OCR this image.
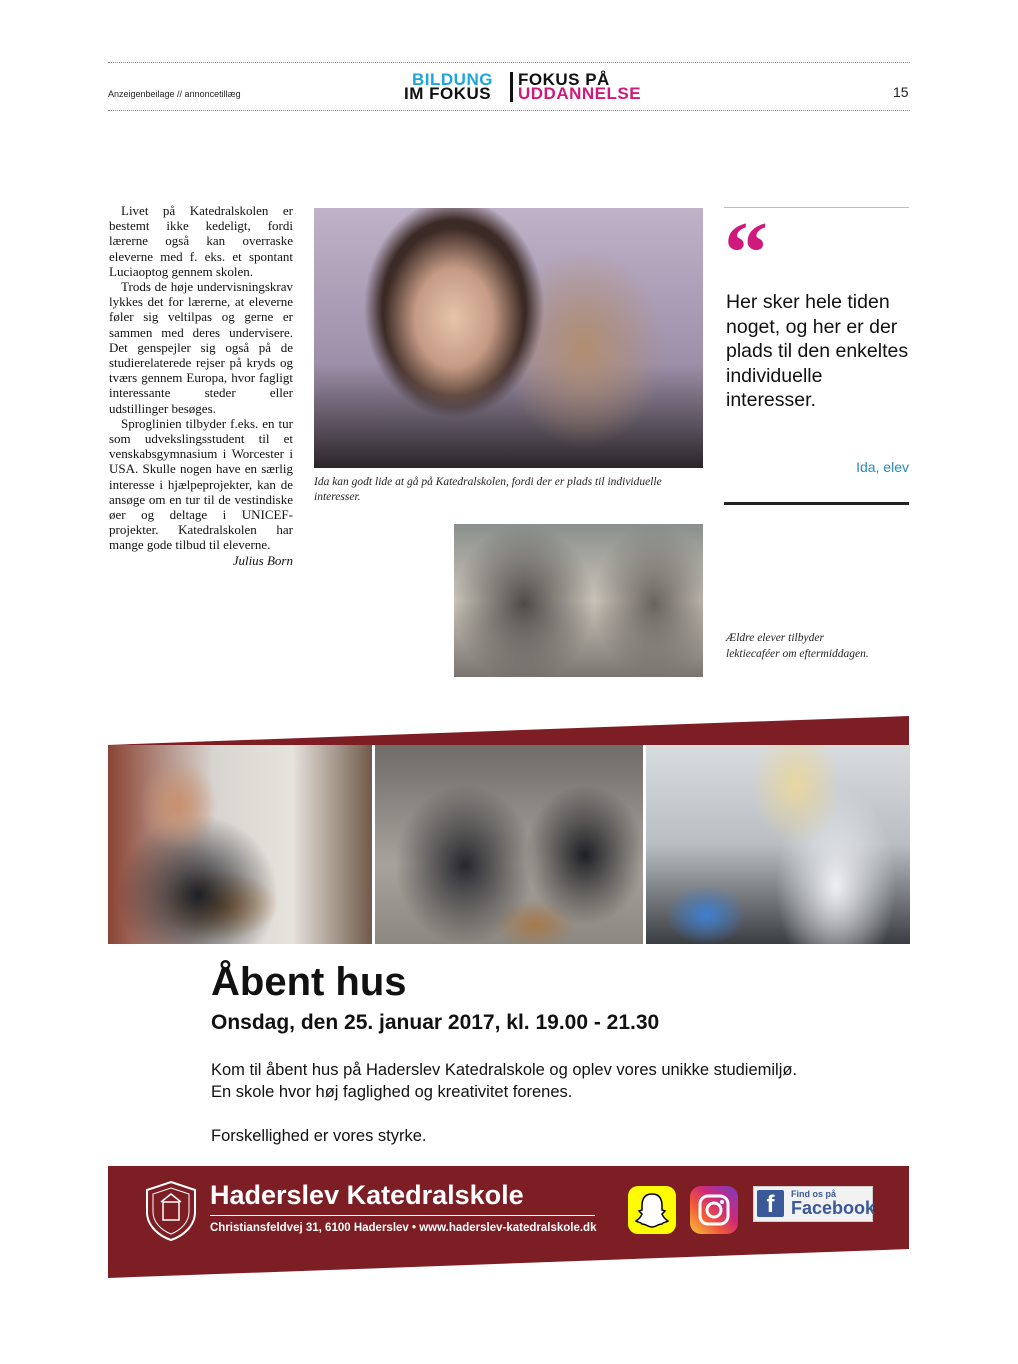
Anzeigenbeilage // annoncetillæg	15
BILDUNG
IM FOKUS
FOKUS PÅ
UDDANNELSE

Livet på Katedralskolen er bestemt ikke kedeligt, fordi lærerne også kan overraske eleverne med f. eks. et spontant Luciaoptog gennem skolen.

Trods de høje undervisningskrav lykkes det for lærerne, at eleverne føler sig veltilpas og gerne er sammen med deres undervisere. Det genspejler sig også på de studierelaterede rejser på kryds og tværs gennem Europa, hvor fagligt interessante steder eller udstillinger besøges.

Sproglinien tilbyder f.eks. en tur som udvekslingsstudent til et venskabsgymnasium i Worcester i USA. Skulle nogen have en særlig interesse i hjælpeprojekter, kan de ansøge om en tur til de vestindiske øer og deltage i UNICEF-projekter. Katedralskolen har mange gode tilbud til eleverne.
Julius Born

Ida kan godt lide at gå på Katedralskolen, fordi der er plads til individuelle interesser.
“
Her sker hele tiden noget, og her er der plads til den enkeltes individuelle interesser.
Ida, elev
Ældre elever tilbyder lektiecaféer om eftermiddagen.
Åbent hus
Onsdag, den 25. januar 2017, kl. 19.00 - 21.30

Kom til åbent hus på Haderslev Katedralskole og oplev vores unikke studiemiljø.

En skole hvor høj faglighed og kreativitet forenes.

Forskellighed er vores styrke.
Haderslev Katedralskole
Christiansfeldvej 31, 6100 Haderslev • www.haderslev-katedralskole.dk
f	Find os på
Facebook
